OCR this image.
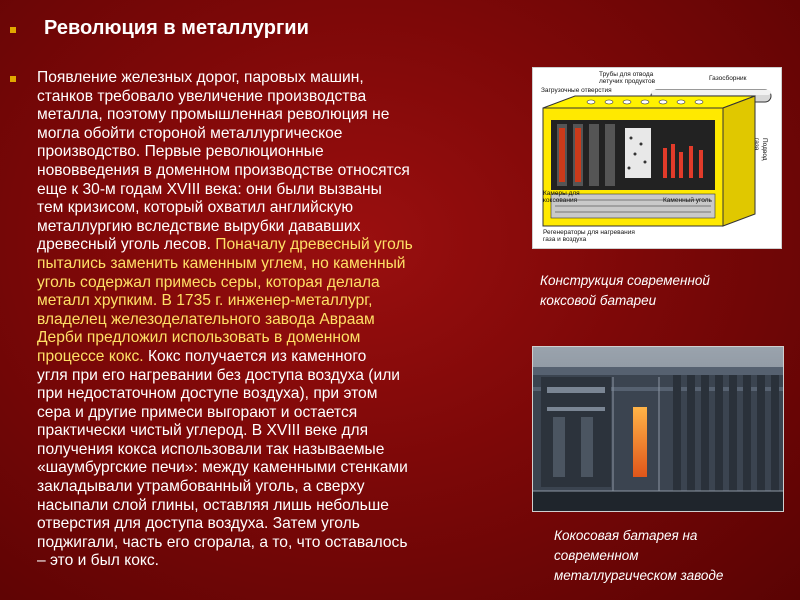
Революция в металлургии
Появление железных дорог, паровых машин,
станков требовало увеличение производства
металла, поэтому промышленная революция не
могла обойти стороной металлургическое
производство. Первые революционные
нововведения в доменном производстве относятся
еще к 30-м годам XVIII века: они были вызваны
тем кризисом, который охватил английскую
металлургию вследствие вырубки дававших
древесный уголь лесов. Поначалу древесный уголь
пытались заменить каменным углем, но каменный
уголь содержал примесь серы, которая делала
металл хрупким. В 1735 г. инженер-металлург,
владелец железоделательного завода Авраам
Дерби предложил использовать в доменном
процессе кокс. Кокс получается из каменного
угля при его нагревании без доступа воздуха (или
при недостаточном доступе воздуха), при этом
сера и другие примеси выгорают и остается
практически чистый углерод. В XVIII веке для
получения кокса использовали так называемые
«шаумбургские печи»: между каменными стенками
закладывали утрамбованный уголь, а сверху
насыпали слой глины, оставляя лишь небольше
отверстия для доступа воздуха. Затем уголь
поджигали, часть его сгорала, а то, что оставалось
– это и был кокс.
Трубы для отвода
летучих продуктов	Газосборник
Загрузочные отверстия
Камеры для
коксования	Каменный уголь
Регенераторы для нагревания
газа и воздуха
Подвод
газа
Конструкция современной
коксовой батареи
Кокосовая батарея на
современном
металлургическом заводе
